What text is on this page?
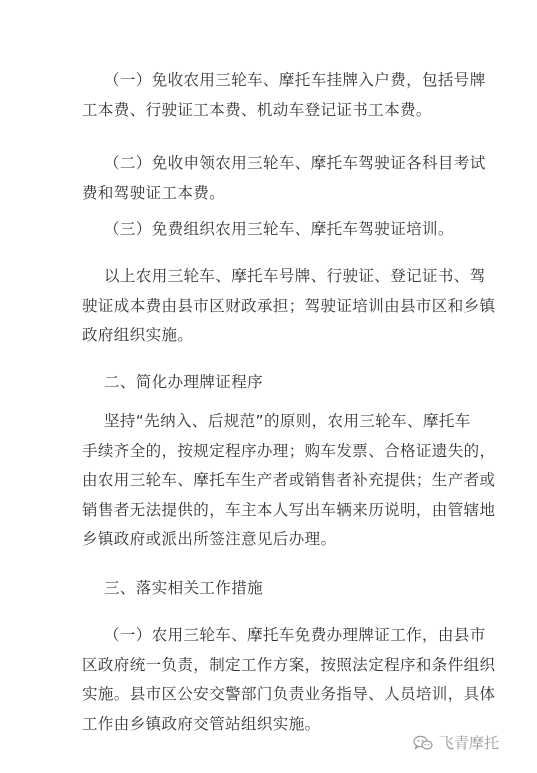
（一）免收农用三轮车、摩托车挂牌入户费，包括号牌
工本费、行驶证工本费、机动车登记证书工本费。

（二）免收申领农用三轮车、摩托车驾驶证各科目考试
费和驾驶证工本费。

（三）免费组织农用三轮车、摩托车驾驶证培训。

以上农用三轮车、摩托车号牌、行驶证、登记证书、驾
驶证成本费由县市区财政承担；驾驶证培训由县市区和乡镇
政府组织实施。

二、简化办理牌证程序

坚持“先纳入、后规范”的原则，农用三轮车、摩托车
手续齐全的，按规定程序办理；购车发票、合格证遗失的，
由农用三轮车、摩托车生产者或销售者补充提供；生产者或
销售者无法提供的，车主本人写出车辆来历说明，由管辖地
乡镇政府或派出所签注意见后办理。

三、落实相关工作措施

（一）农用三轮车、摩托车免费办理牌证工作，由县市
区政府统一负责，制定工作方案，按照法定程序和条件组织
实施。县市区公安交警部门负责业务指导、人员培训，具体
工作由乡镇政府交管站组织实施。

飞青摩托
